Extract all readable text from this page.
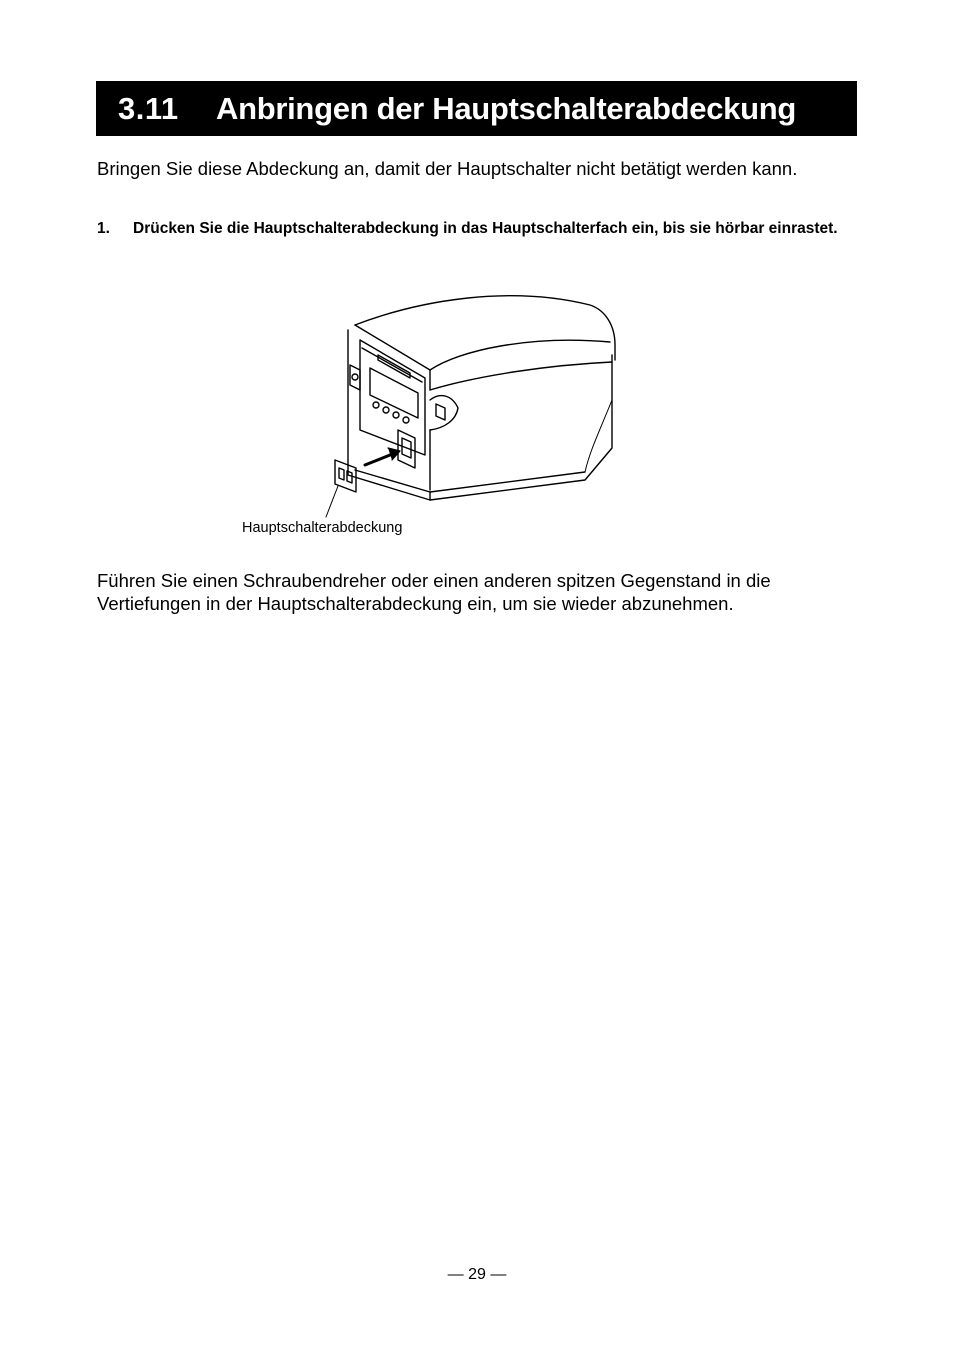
3.11	Anbringen der Hauptschalterabdeckung

Bringen Sie diese Abdeckung an, damit der Hauptschalter nicht betätigt werden kann.

1.	Drücken Sie die Hauptschalterabdeckung in das Hauptschalterfach ein, bis sie hörbar einrastet.
Hauptschalterabdeckung

Führen Sie einen Schraubendreher oder einen anderen spitzen Gegenstand in die Vertiefungen in der Hauptschalterabdeckung ein, um sie wieder abzunehmen.

— 29 —
